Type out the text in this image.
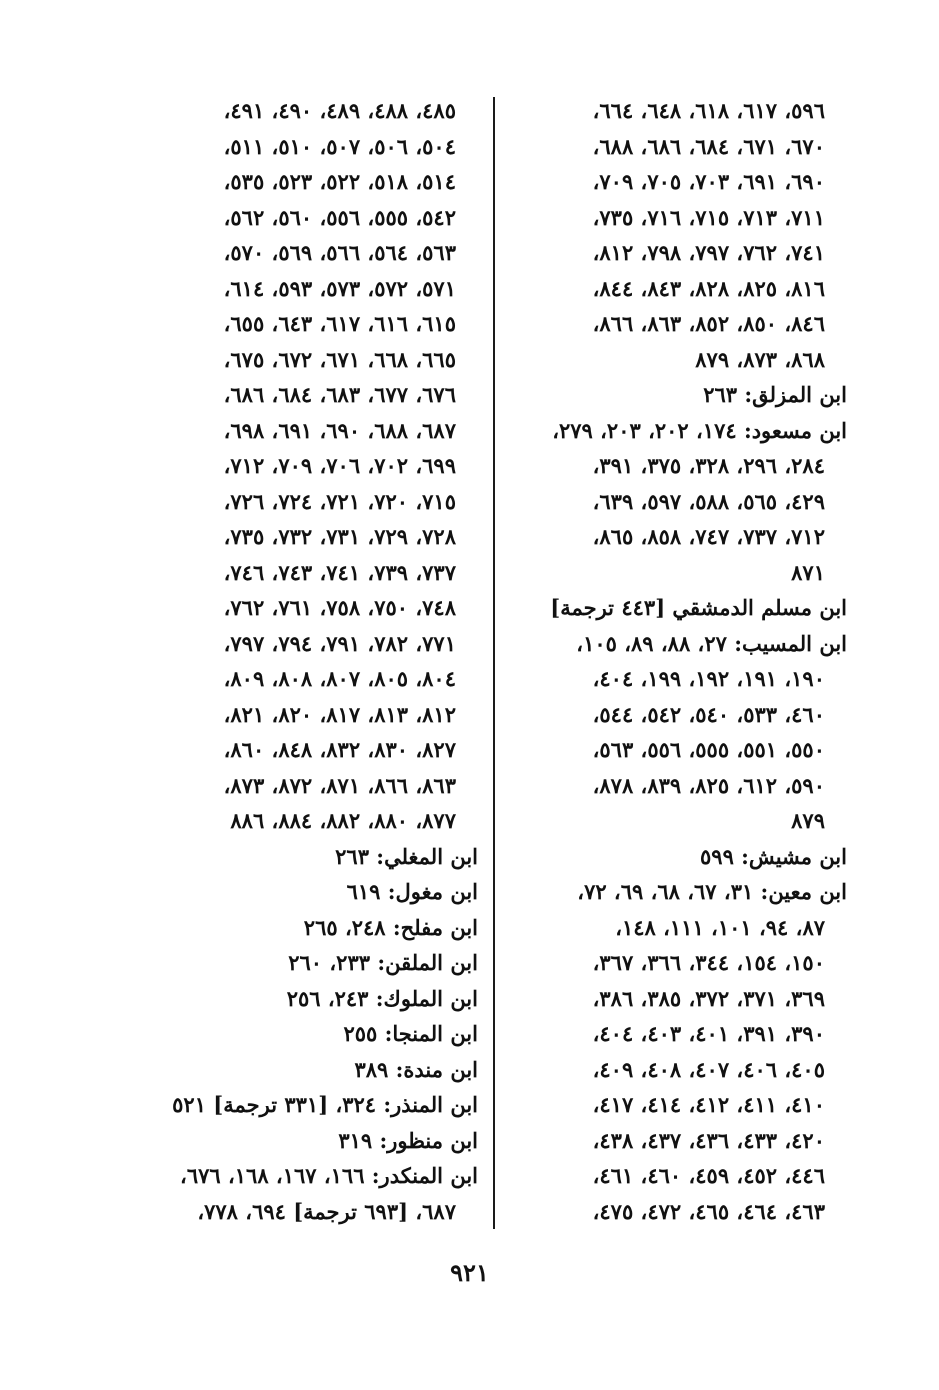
٥٩٦، ٦١٧، ٦١٨، ٦٤٨، ٦٦٤،
٦٧٠، ٦٧١، ٦٨٤، ٦٨٦، ٦٨٨،
٦٩٠، ٦٩١، ٧٠٣، ٧٠٥، ٧٠٩،
٧١١، ٧١٣، ٧١٥، ٧١٦، ٧٣٥،
٧٤١، ٧٦٢، ٧٩٧، ٧٩٨، ٨١٢،
٨١٦، ٨٢٥، ٨٢٨، ٨٤٣، ٨٤٤،
٨٤٦، ٨٥٠، ٨٥٢، ٨٦٣، ٨٦٦،
٨٦٨، ٨٧٣، ٨٧٩
ابن المزلق: ٢٦٣
ابن مسعود: ١٧٤، ٢٠٢، ٢٠٣، ٢٧٩،
٢٨٤، ٢٩٦، ٣٢٨، ٣٧٥، ٣٩١،
٤٢٩، ٥٦٥، ٥٨٨، ٥٩٧، ٦٣٩،
٧١٢، ٧٣٧، ٧٤٧، ٨٥٨، ٨٦٥،
٨٧١
ابن مسلم الدمشقي [٤٤٣ ترجمة]
ابن المسيب: ٢٧، ٨٨، ٨٩، ١٠٥،
١٩٠، ١٩١، ١٩٢، ١٩٩، ٤٠٤،
٤٦٠، ٥٣٣، ٥٤٠، ٥٤٢، ٥٤٤،
٥٥٠، ٥٥١، ٥٥٥، ٥٥٦، ٥٦٣،
٥٩٠، ٦١٢، ٨٢٥، ٨٣٩، ٨٧٨،
٨٧٩
ابن مشيش: ٥٩٩
ابن معين: ٣١، ٦٧، ٦٨، ٦٩، ٧٢،
٨٧، ٩٤، ١٠١، ١١١، ١٤٨،
١٥٠، ١٥٤، ٣٤٤، ٣٦٦، ٣٦٧،
٣٦٩، ٣٧١، ٣٧٢، ٣٨٥، ٣٨٦،
٣٩٠، ٣٩١، ٤٠١، ٤٠٣، ٤٠٤،
٤٠٥، ٤٠٦، ٤٠٧، ٤٠٨، ٤٠٩،
٤١٠، ٤١١، ٤١٢، ٤١٤، ٤١٧،
٤٢٠، ٤٣٣، ٤٣٦، ٤٣٧، ٤٣٨،
٤٤٦، ٤٥٢، ٤٥٩، ٤٦٠، ٤٦١،
٤٦٣، ٤٦٤، ٤٦٥، ٤٧٢، ٤٧٥،
٤٨٥، ٤٨٨، ٤٨٩، ٤٩٠، ٤٩١،
٥٠٤، ٥٠٦، ٥٠٧، ٥١٠، ٥١١،
٥١٤، ٥١٨، ٥٢٢، ٥٢٣، ٥٣٥،
٥٤٢، ٥٥٥، ٥٥٦، ٥٦٠، ٥٦٢،
٥٦٣، ٥٦٤، ٥٦٦، ٥٦٩، ٥٧٠،
٥٧١، ٥٧٢، ٥٧٣، ٥٩٣، ٦١٤،
٦١٥، ٦١٦، ٦١٧، ٦٤٣، ٦٥٥،
٦٦٥، ٦٦٨، ٦٧١، ٦٧٢، ٦٧٥،
٦٧٦، ٦٧٧، ٦٨٣، ٦٨٤، ٦٨٦،
٦٨٧، ٦٨٨، ٦٩٠، ٦٩١، ٦٩٨،
٦٩٩، ٧٠٢، ٧٠٦، ٧٠٩، ٧١٢،
٧١٥، ٧٢٠، ٧٢١، ٧٢٤، ٧٢٦،
٧٢٨، ٧٢٩، ٧٣١، ٧٣٢، ٧٣٥،
٧٣٧، ٧٣٩، ٧٤١، ٧٤٣، ٧٤٦،
٧٤٨، ٧٥٠، ٧٥٨، ٧٦١، ٧٦٢،
٧٧١، ٧٨٢، ٧٩١، ٧٩٤، ٧٩٧،
٨٠٤، ٨٠٥، ٨٠٧، ٨٠٨، ٨٠٩،
٨١٢، ٨١٣، ٨١٧، ٨٢٠، ٨٢١،
٨٢٧، ٨٣٠، ٨٣٢، ٨٤٨، ٨٦٠،
٨٦٣، ٨٦٦، ٨٧١، ٨٧٢، ٨٧٣،
٨٧٧، ٨٨٠، ٨٨٢، ٨٨٤، ٨٨٦
ابن المغلي: ٢٦٣
ابن مغول: ٦١٩
ابن مفلح: ٢٤٨، ٢٦٥
ابن الملقن: ٢٣٣، ٢٦٠
ابن الملوك: ٢٤٣، ٢٥٦
ابن المنجا: ٢٥٥
ابن مندة: ٣٨٩
ابن المنذر: ٣٢٤، [٣٣١ ترجمة] ٥٢١
ابن منظور: ٣١٩
ابن المنكدر: ١٦٦، ١٦٧، ١٦٨، ٦٧٦،
٦٨٧، [٦٩٣ ترجمة] ٦٩٤، ٧٧٨،
٩٢١
